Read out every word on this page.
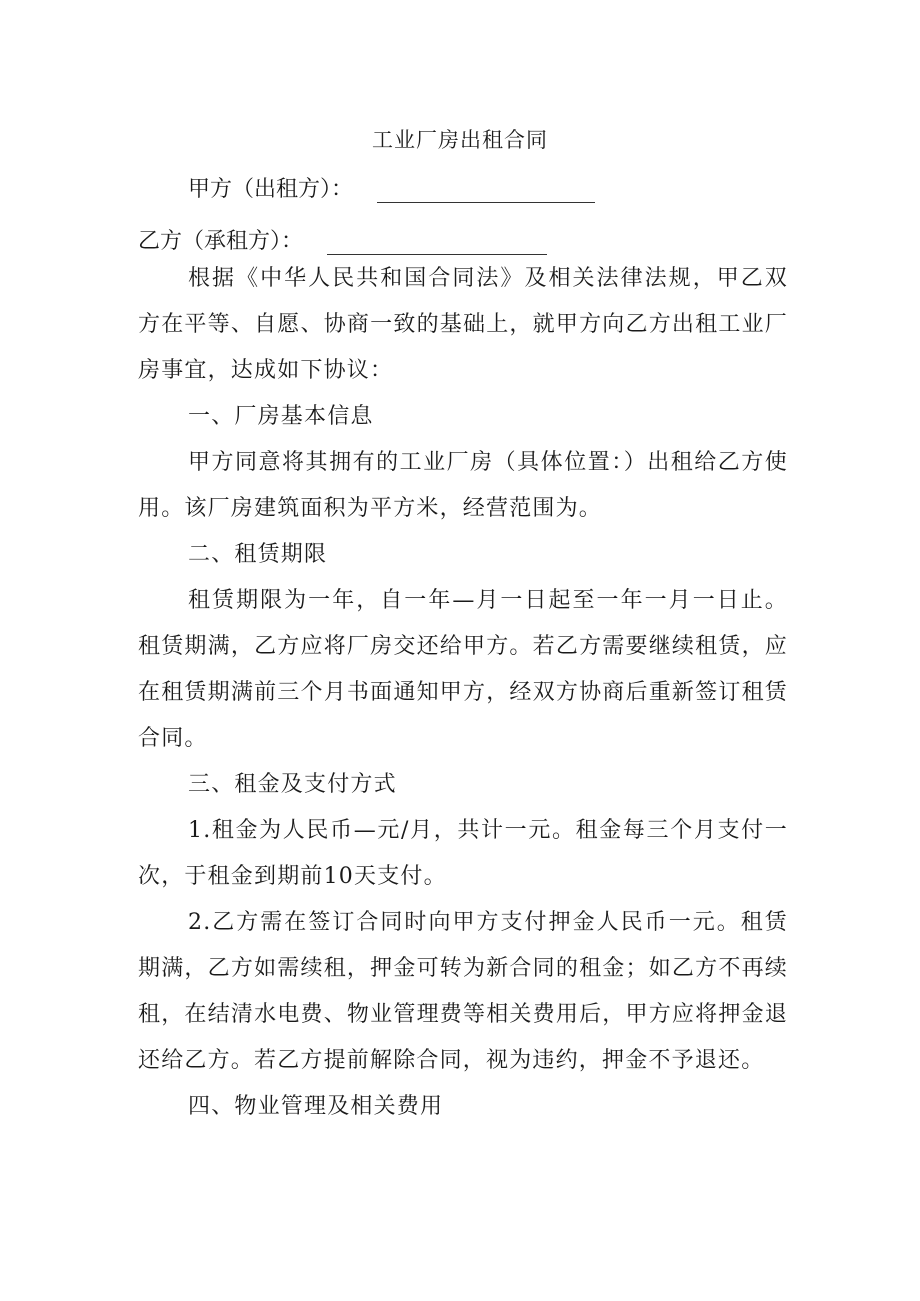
工业厂房出租合同
甲方（出租方）：
乙方（承租方）：

根据《中华人民共和国合同法》及相关法律法规，甲乙双方在平等、自愿、协商一致的基础上，就甲方向乙方出租工业厂房事宜，达成如下协议：

一、厂房基本信息

甲方同意将其拥有的工业厂房（具体位置：）出租给乙方使用。该厂房建筑面积为平方米，经营范围为。

二、租赁期限

租赁期限为一年，自一年—月一日起至一年一月一日止。租赁期满，乙方应将厂房交还给甲方。若乙方需要继续租赁，应在租赁期满前三个月书面通知甲方，经双方协商后重新签订租赁合同。

三、租金及支付方式

1.租金为人民币—元/月，共计一元。租金每三个月支付一次，于租金到期前10天支付。

2.乙方需在签订合同时向甲方支付押金人民币一元。租赁期满，乙方如需续租，押金可转为新合同的租金；如乙方不再续租，在结清水电费、物业管理费等相关费用后，甲方应将押金退还给乙方。若乙方提前解除合同，视为违约，押金不予退还。

四、物业管理及相关费用
